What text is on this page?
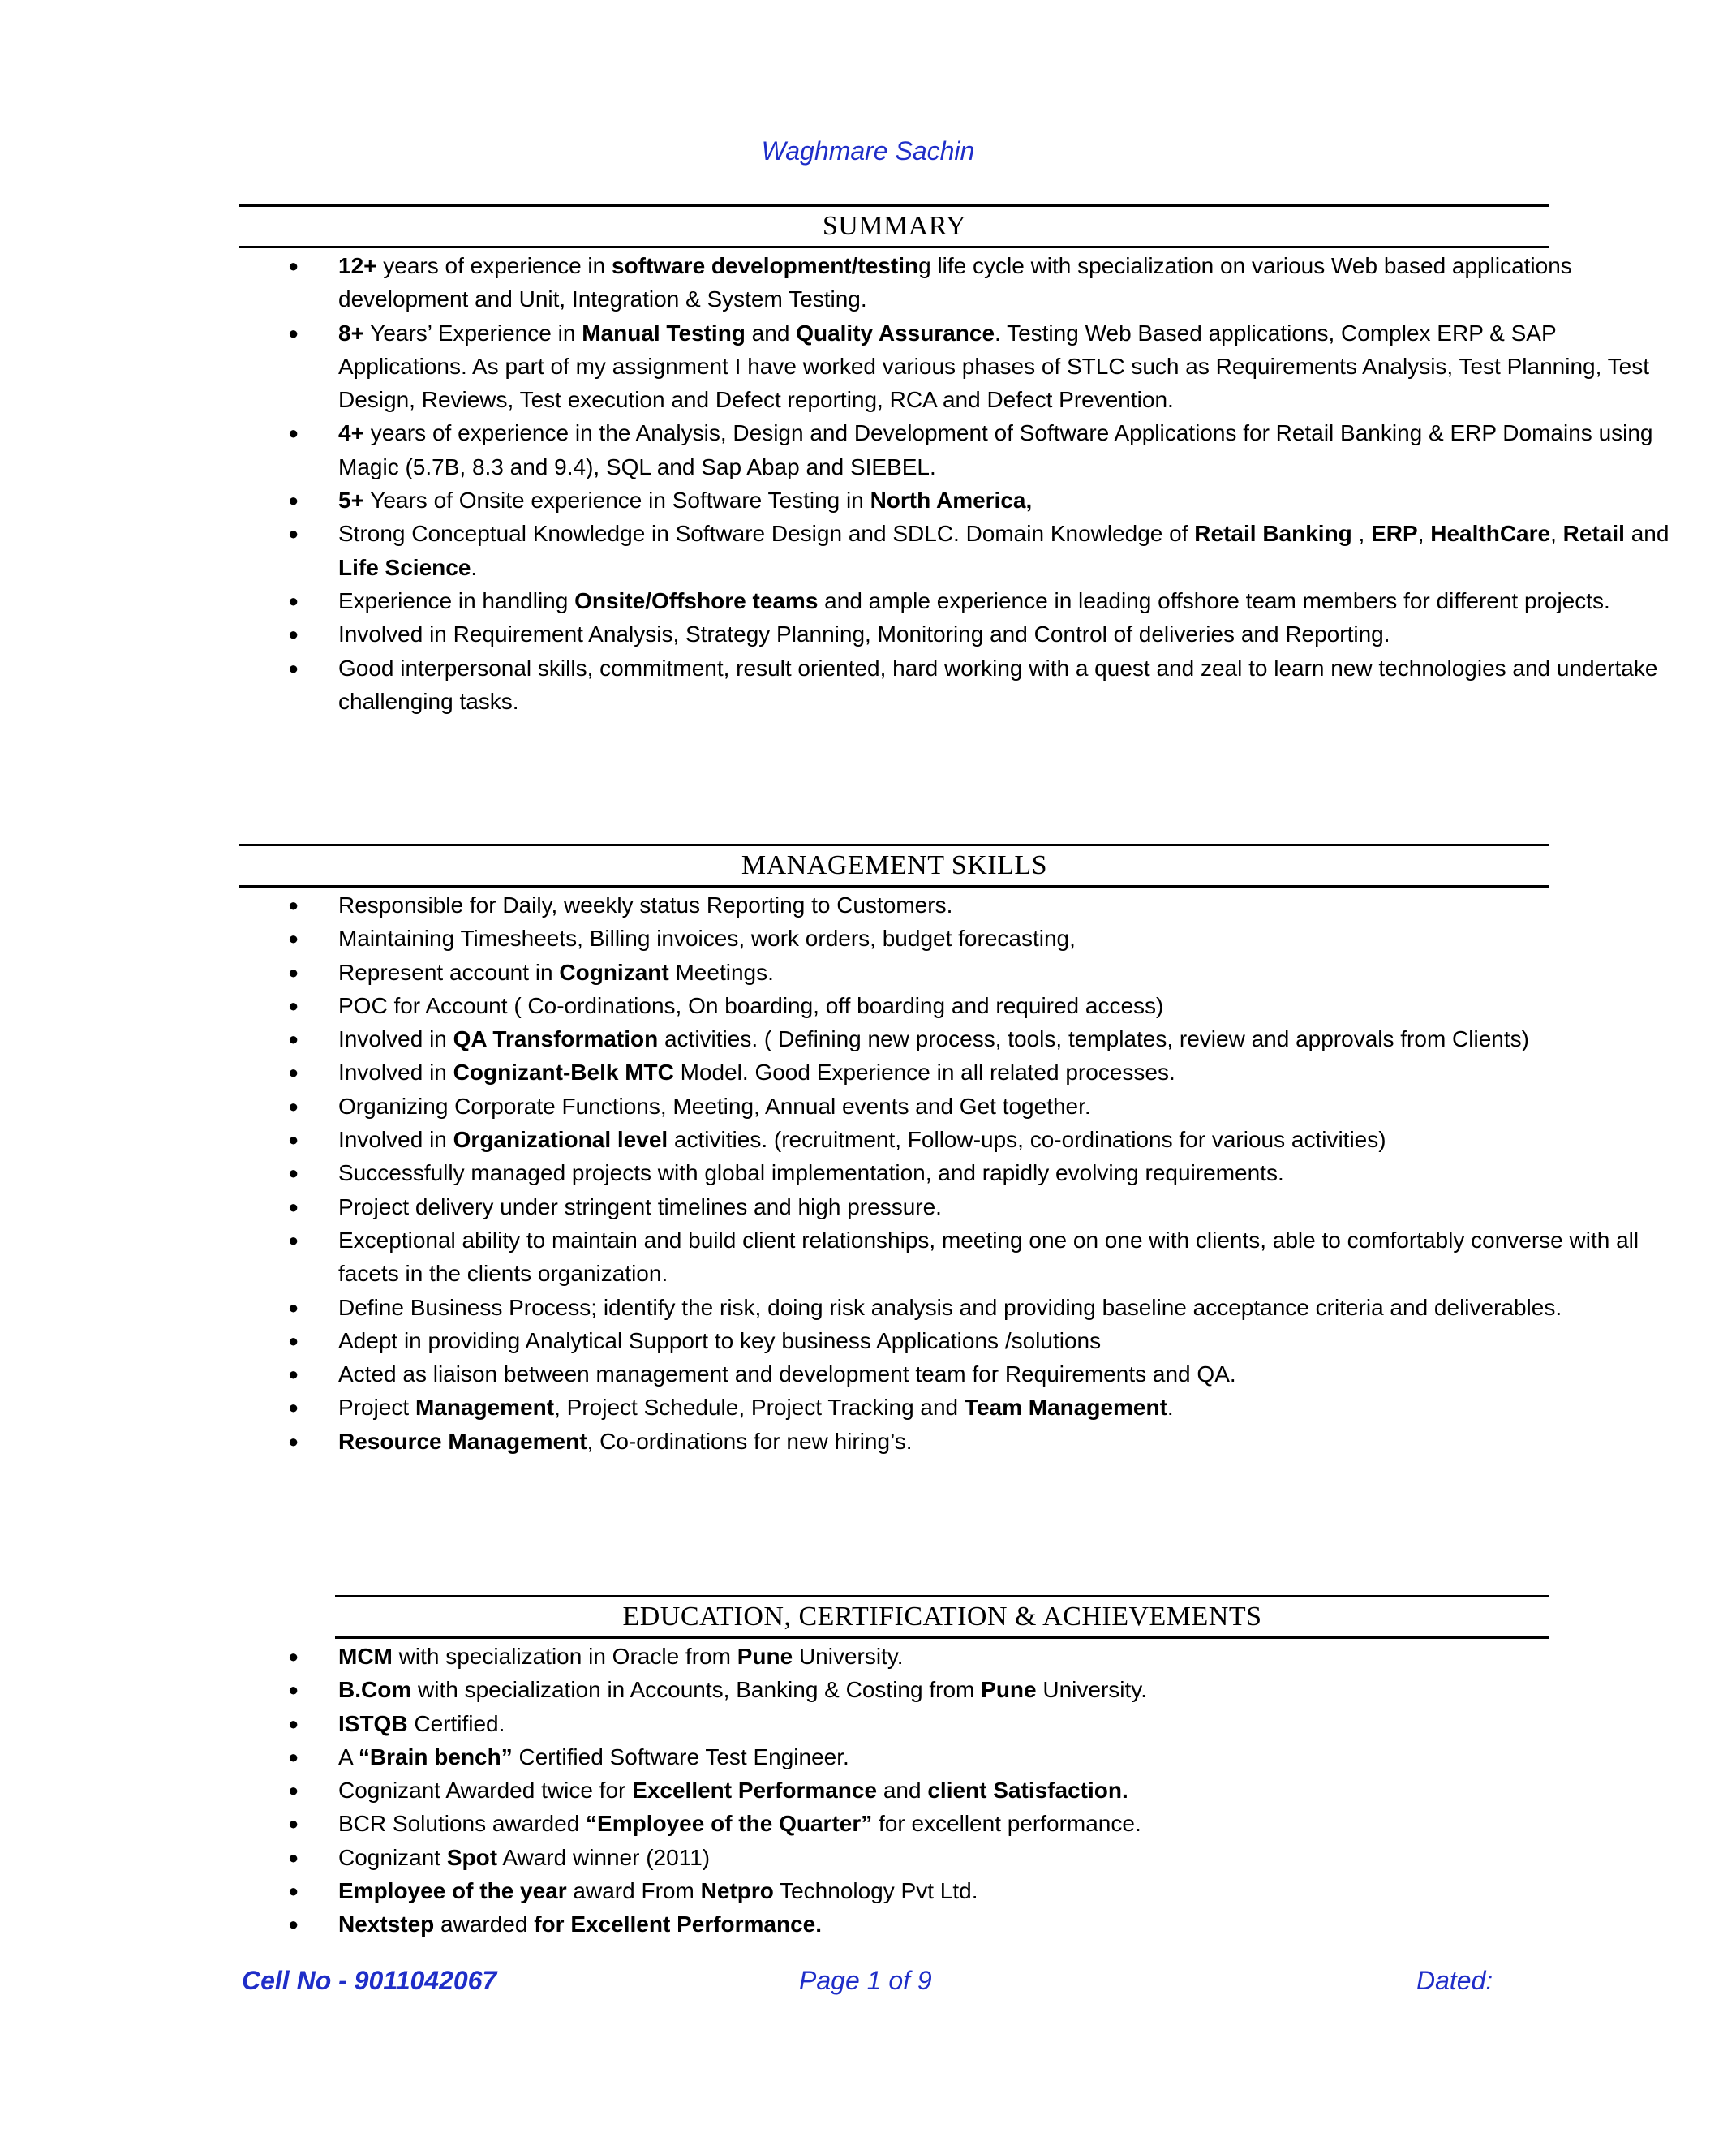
Waghmare Sachin
SUMMARY
● 12+ years of experience in software development/testing life cycle with specialization on various Web based applications development and Unit, Integration & System Testing.
● 8+ Years’ Experience in Manual Testing and Quality Assurance. Testing Web Based applications, Complex ERP & SAP Applications. As part of my assignment I have worked various phases of STLC such as Requirements Analysis, Test Planning, Test Design, Reviews, Test execution and Defect reporting, RCA and Defect Prevention.
● 4+ years of experience in the Analysis, Design and Development of Software Applications for Retail Banking & ERP Domains using Magic (5.7B, 8.3 and 9.4), SQL and Sap Abap and SIEBEL.
● 5+ Years of Onsite experience in Software Testing in North America,
● Strong Conceptual Knowledge in Software Design and SDLC. Domain Knowledge of Retail Banking , ERP, HealthCare, Retail and Life Science.
● Experience in handling Onsite/Offshore teams and ample experience in leading offshore team members for different projects.
● Involved in Requirement Analysis, Strategy Planning, Monitoring and Control of deliveries and Reporting.
● Good interpersonal skills, commitment, result oriented, hard working with a quest and zeal to learn new technologies and undertake challenging tasks.
MANAGEMENT SKILLS
● Responsible for Daily, weekly status Reporting to Customers.
● Maintaining Timesheets, Billing invoices, work orders, budget forecasting,
● Represent account in Cognizant Meetings.
● POC for Account ( Co-ordinations, On boarding, off boarding and required access)
● Involved in QA Transformation activities. ( Defining new process, tools, templates, review and approvals from Clients)
● Involved in Cognizant-Belk MTC Model. Good Experience in all related processes.
● Organizing Corporate Functions, Meeting, Annual events and Get together.
● Involved in Organizational level activities. (recruitment, Follow-ups, co-ordinations for various activities)
● Successfully managed projects with global implementation, and rapidly evolving requirements.
● Project delivery under stringent timelines and high pressure.
● Exceptional ability to maintain and build client relationships, meeting one on one with clients, able to comfortably converse with all facets in the clients organization.
● Define Business Process; identify the risk, doing risk analysis and providing baseline acceptance criteria and deliverables.
● Adept in providing Analytical Support to key business Applications /solutions
● Acted as liaison between management and development team for Requirements and QA.
● Project Management, Project Schedule, Project Tracking and Team Management.
● Resource Management, Co-ordinations for new hiring’s.
EDUCATION, CERTIFICATION & ACHIEVEMENTS
● MCM with specialization in Oracle from Pune University.
● B.Com with specialization in Accounts, Banking & Costing from Pune University.
● ISTQB Certified.
● A “Brain bench” Certified Software Test Engineer.
● Cognizant Awarded twice for Excellent Performance and client Satisfaction.
● BCR Solutions awarded “Employee of the Quarter” for excellent performance.
● Cognizant Spot Award winner (2011)
● Employee of the year award From Netpro Technology Pvt Ltd.
● Nextstep awarded for Excellent Performance.
Cell No - 9011042067	Page 1 of 9	Dated:
